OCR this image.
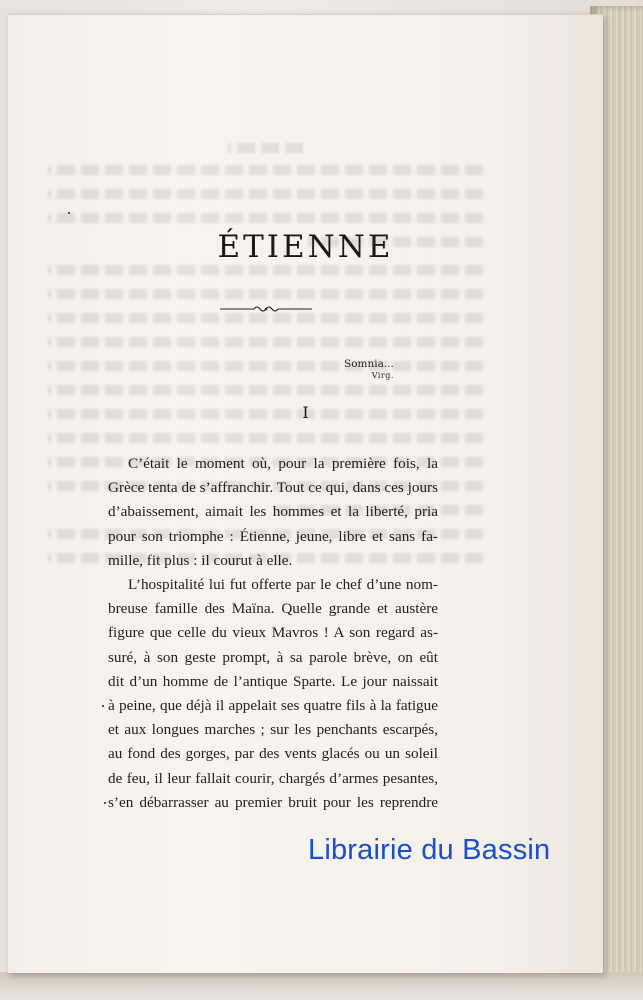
ÉTIENNE
Somnia...
Virg.
I
C’était le moment où, pour la première fois, la
Grèce tenta de s’affranchir. Tout ce qui, dans ces jours
d’abaissement, aimait les hommes et la liberté, pria
pour son triomphe : Étienne, jeune, libre et sans fa-
mille, fit plus : il courut à elle.
L’hospitalité lui fut offerte par le chef d’une nom-
breuse famille des Maïna. Quelle grande et austère
figure que celle du vieux Mavros ! A son regard as-
suré, à son geste prompt, à sa parole brève, on eût
dit d’un homme de l’antique Sparte. Le jour naissait
à peine, que déjà il appelait ses quatre fils à la fatigue
et aux longues marches ; sur les penchants escarpés,
au fond des gorges, par des vents glacés ou un soleil
de feu, il leur fallait courir, chargés d’armes pesantes,
s’en débarrasser au premier bruit pour les reprendre
Librairie du Bassin
